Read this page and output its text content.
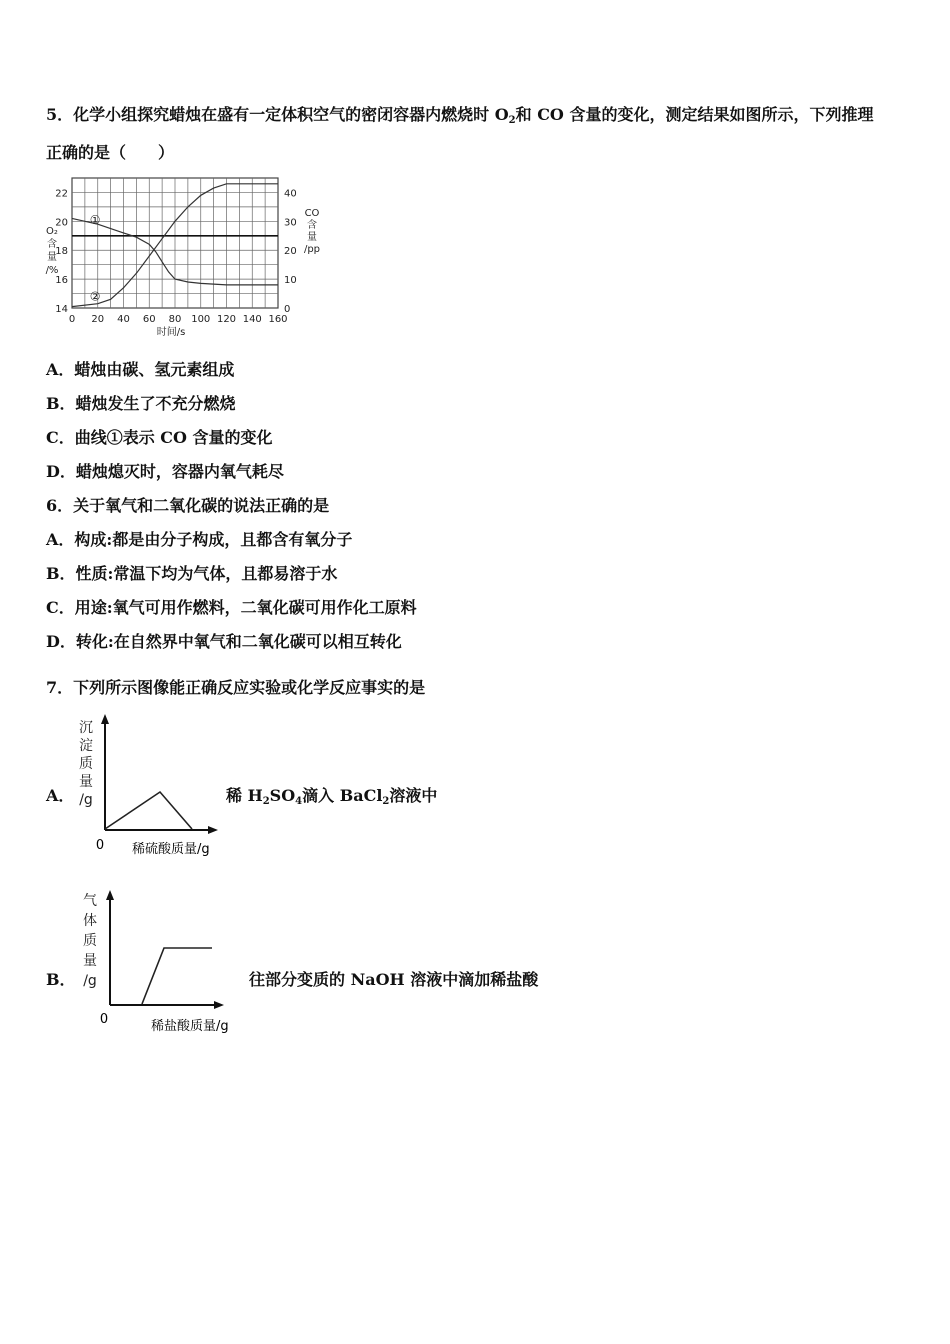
5．化学小组探究蜡烛在盛有一定体积空气的密闭容器内燃烧时 $O_2$和 CO 含量的变化，测定结果如图所示，下列推理
正确的是（　　）
0 20 40 60 80 100 120 140 160
14
16
18
20
22
0
10
20
30
40
时间/s
O₂
含
量
/%
CO
含
量
/pp
①
②
A．蜡烛由碳、氢元素组成
B．蜡烛发生了不充分燃烧
C．曲线①表示 CO 含量的变化
D．蜡烛熄灭时，容器内氧气耗尽
6．关于氧气和二氧化碳的说法正确的是
A．构成:都是由分子构成，且都含有氧分子
B．性质:常温下均为气体，且都易溶于水
C．用途:氧气可用作燃料，二氧化碳可用作化工原料
D．转化:在自然界中氧气和二氧化碳可以相互转化
7．下列所示图像能正确反应实验或化学反应事实的是
A．
沉
淀
质
量
/g
0 稀硫酸质量/g
稀 $H_2SO_4$滴入 BaCl$_2$溶液中
B．
气
体
质
量
/g
0	稀盐酸质量/g
往部分变质的 NaOH 溶液中滴加稀盐酸
